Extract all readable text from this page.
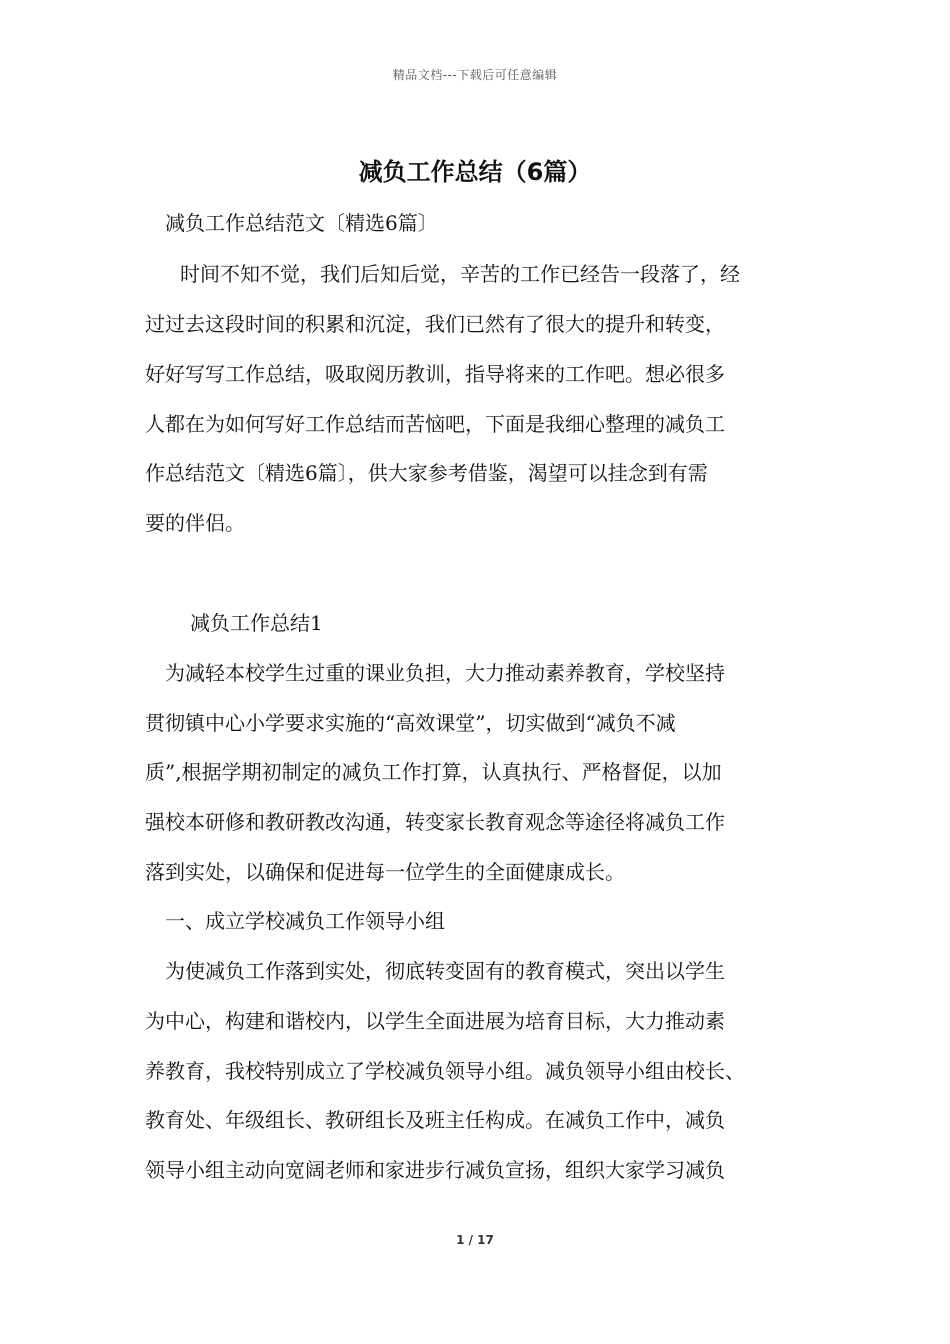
精品文档---下载后可任意编辑
减负工作总结（6篇）
减负工作总结范文〔精选6篇〕
时间不知不觉，我们后知后觉，辛苦的工作已经告一段落了，经
过过去这段时间的积累和沉淀，我们已然有了很大的提升和转变，
好好写写工作总结，吸取阅历教训，指导将来的工作吧。想必很多
人都在为如何写好工作总结而苦恼吧，下面是我细心整理的减负工
作总结范文〔精选6篇〕，供大家参考借鉴，渴望可以挂念到有需
要的伴侣。
减负工作总结1
为减轻本校学生过重的课业负担，大力推动素养教育，学校坚持
贯彻镇中心小学要求实施的“高效课堂”，切实做到“减负不减
质”,根据学期初制定的减负工作打算，认真执行、严格督促，以加
强校本研修和教研教改沟通，转变家长教育观念等途径将减负工作
落到实处，以确保和促进每一位学生的全面健康成长。
一、成立学校减负工作领导小组
为使减负工作落到实处，彻底转变固有的教育模式，突出以学生
为中心，构建和谐校内，以学生全面进展为培育目标，大力推动素
养教育，我校特别成立了学校减负领导小组。减负领导小组由校长、
教育处、年级组长、教研组长及班主任构成。在减负工作中，减负
领导小组主动向宽阔老师和家进步行减负宣扬，组织大家学习减负
1 / 17
